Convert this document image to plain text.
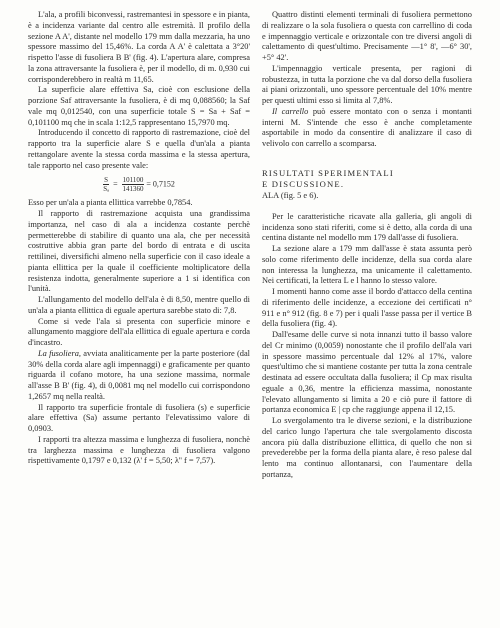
L'ala, a profili biconvessi, rastremantesi in spessore e in pianta, è a incidenza variante dal centro alle estremità. Il profilo della sezione A A', distante nel modello 179 mm dalla mezzaria, ha uno spessore massimo del 15,46%. La corda A A' è calettata a 3°20' rispetto l'asse di fusoliera B B' (fig. 4). L'apertura alare, compresa la zona attraversante la fusoliera è, per il modello, di m. 0,930 cui corrisponderebbero in realtà m 11,65.

La superficie alare effettiva Sa, cioè con esclusione della porzione Saf attraversante la fusoliera, è di mq 0,088560; la Saf vale mq 0,012540, con una superficie totale S = Sa + Saf = 0,101100 mq che in scala 1:12,5 rappresentano 15,7970 mq.

Introducendo il concetto di rapporto di rastremazione, cioè del rapporto tra la superficie alare S e quella d'un'ala a pianta rettangolare avente la stessa corda massima e la stessa apertura, tale rapporto nel caso presente vale:

$\frac{S}{\text{Sₐ}} = \frac{101100}{141360} = 0,7152$

Esso per un'ala a pianta ellittica varrebbe 0,7854.

Il rapporto di rastremazione acquista una grandissima importanza, nel caso di ala a incidenza costante perchè permetterebbe di stabilire di quanto una ala, che per necessità costruttive abbia gran parte del bordo di entrata e di uscita rettilinei, diversifichi almeno nella superficie con il caso ideale a pianta ellittica per la quale il coefficiente moltiplicatore della resistenza indotta, generalmente superiore a 1 si identifica con l'unità.

L'allungamento del modello dell'ala è di 8,50, mentre quello di un'ala a pianta ellittica di eguale apertura sarebbe stato di: 7,8.

Come si vede l'ala si presenta con superficie minore e allungamento maggiore dell'ala ellittica di eguale apertura e corda d'incastro.

La fusoliera, avviata analiticamente per la parte posteriore (dal 30% della corda alare agli impennaggi) e graficamente per quanto riguarda il cofano motore, ha una sezione massima, normale all'asse B B' (fig. 4), di 0,0081 mq nel modello cui corrispondono 1,2657 mq nella realtà.

Il rapporto tra superficie frontale di fusoliera (s) e superficie alare effettiva (Sa) assume pertanto l'elevatissimo valore di 0,0903.

I rapporti tra altezza massima e lunghezza di fusoliera, nonchè tra larghezza massima e lunghezza di fusoliera valgono rispettivamente 0,1797 e 0,132 (λ' f = 5,50; λ'' f = 7,57).

Quattro distinti elementi terminali di fusoliera permettono di realizzare o la sola fusoliera o questa con carrellino di coda e impennaggio verticale e orizzontale con tre diversi angoli di calettamento di quest'ultimo. Precisamente —1° 8', —6° 30', +5° 42'.

L'impennaggio verticale presenta, per ragioni di robustezza, in tutta la porzione che va dal dorso della fusoliera ai piani orizzontali, uno spessore percentuale del 10% mentre per questi ultimi esso si limita al 7,8%.

Il carrello può essere montato con o senza i montanti interni M. S'intende che esso è anche completamente asportabile in modo da consentire di analizzare il caso di velivolo con carrello a scomparsa.

RISULTATI SPERIMENTALI
E DISCUSSIONE.
ALA (fig. 5 e 6).

Per le caratteristiche ricavate alla galleria, gli angoli di incidenza sono stati riferiti, come si è detto, alla corda di una centina distante nel modello mm 179 dall'asse di fusoliera.

La sezione alare a 179 mm dall'asse è stata assunta però solo come riferimento delle incidenze, della sua corda alare non interessa la lunghezza, ma unicamente il calettamento. Nei certificati, la lettera L e l hanno lo stesso valore.

I momenti hanno come asse il bordo d'attacco della centina di riferimento delle incidenze, a eccezione dei certificati n° 911 e n° 912 (fig. 8 e 7) per i quali l'asse passa per il vertice B della fusoliera (fig. 4).

Dall'esame delle curve si nota innanzi tutto il basso valore del Cr minimo (0,0059) nonostante che il profilo dell'ala vari in spessore massimo percentuale dal 12% al 17%, valore quest'ultimo che si mantiene costante per tutta la zona centrale destinata ad essere occultata dalla fusoliera; il Cp max risulta eguale a 0,36, mentre la efficienza massima, nonostante l'elevato allungamento si limita a 20 e ciò pure il fattore di portanza economica E | cp che raggiunge appena il 12,15.

Lo svergolamento tra le diverse sezioni, e la distribuzione del carico lungo l'apertura che tale svergolamento discosta ancora più dalla distribuzione ellittica, di quello che non si prevederebbe per la forma della pianta alare, è reso palese dal lento ma continuo allontanarsi, con l'aumentare della portanza,
